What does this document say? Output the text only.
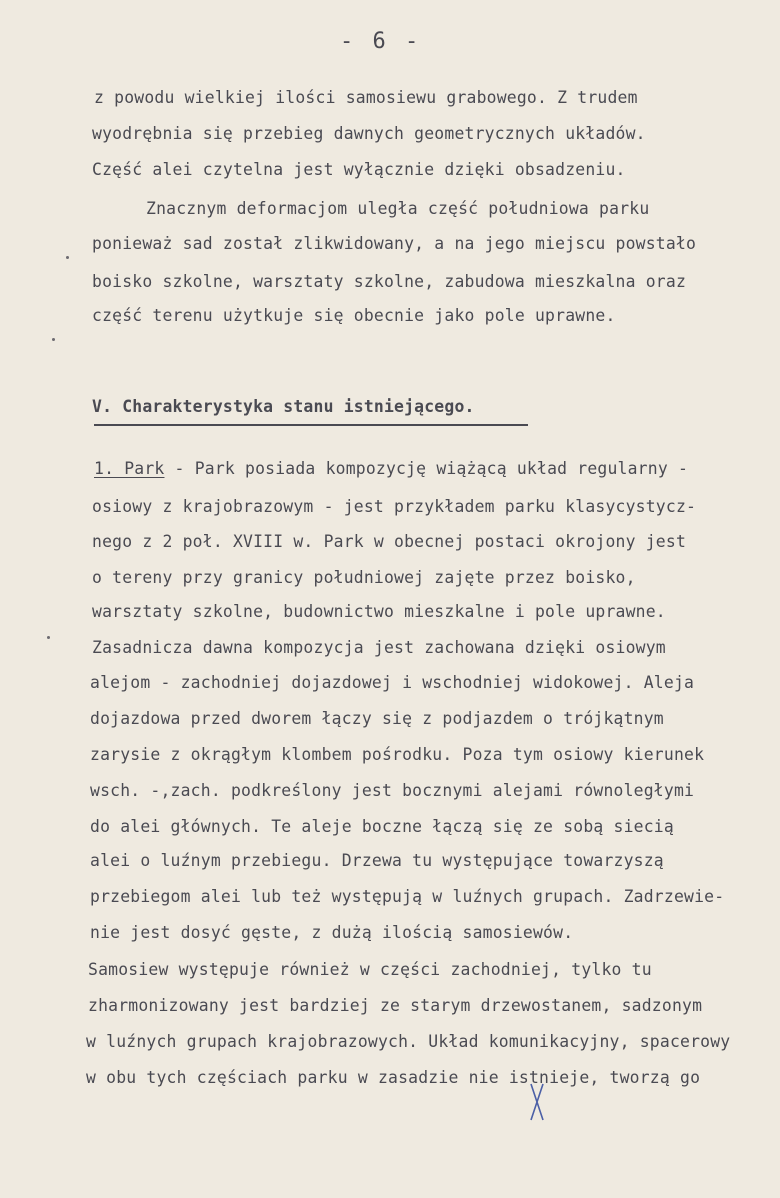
- 6 -
z powodu wielkiej ilości samosiewu grabowego. Z trudem
wyodrębnia się przebieg dawnych geometrycznych układów.
Część alei czytelna jest wyłącznie dzięki obsadzeniu.
Znacznym deformacjom uległa część południowa parku
ponieważ sad został zlikwidowany, a na jego miejscu powstało
boisko szkolne, warsztaty szkolne, zabudowa mieszkalna oraz
część terenu użytkuje się obecnie jako pole uprawne.
V. Charakterystyka stanu istniejącego.
1. Park - Park posiada kompozycję wiążącą układ regularny -
osiowy z krajobrazowym - jest przykładem parku klasycystycz-
nego z 2 poł. XVIII w. Park w obecnej postaci okrojony jest
o tereny przy granicy południowej zajęte przez boisko,
warsztaty szkolne, budownictwo mieszkalne i pole uprawne.
Zasadnicza dawna kompozycja jest zachowana dzięki osiowym
alejom - zachodniej dojazdowej i wschodniej widokowej. Aleja
dojazdowa przed dworem łączy się z podjazdem o trójkątnym
zarysie z okrągłym klombem pośrodku. Poza tym osiowy kierunek
wsch. -,zach. podkreślony jest bocznymi alejami równoległymi
do alei głównych. Te aleje boczne łączą się ze sobą siecią
alei o luźnym przebiegu. Drzewa tu występujące towarzyszą
przebiegom alei lub też występują w luźnych grupach. Zadrzewie-
nie jest dosyć gęste, z dużą ilością samosiewów.
Samosiew występuje również w części zachodniej, tylko tu
zharmonizowany jest bardziej ze starym drzewostanem, sadzonym
w luźnych grupach krajobrazowych. Układ komunikacyjny, spacerowy
w obu tych częściach parku w zasadzie nie istnieje, tworzą go
